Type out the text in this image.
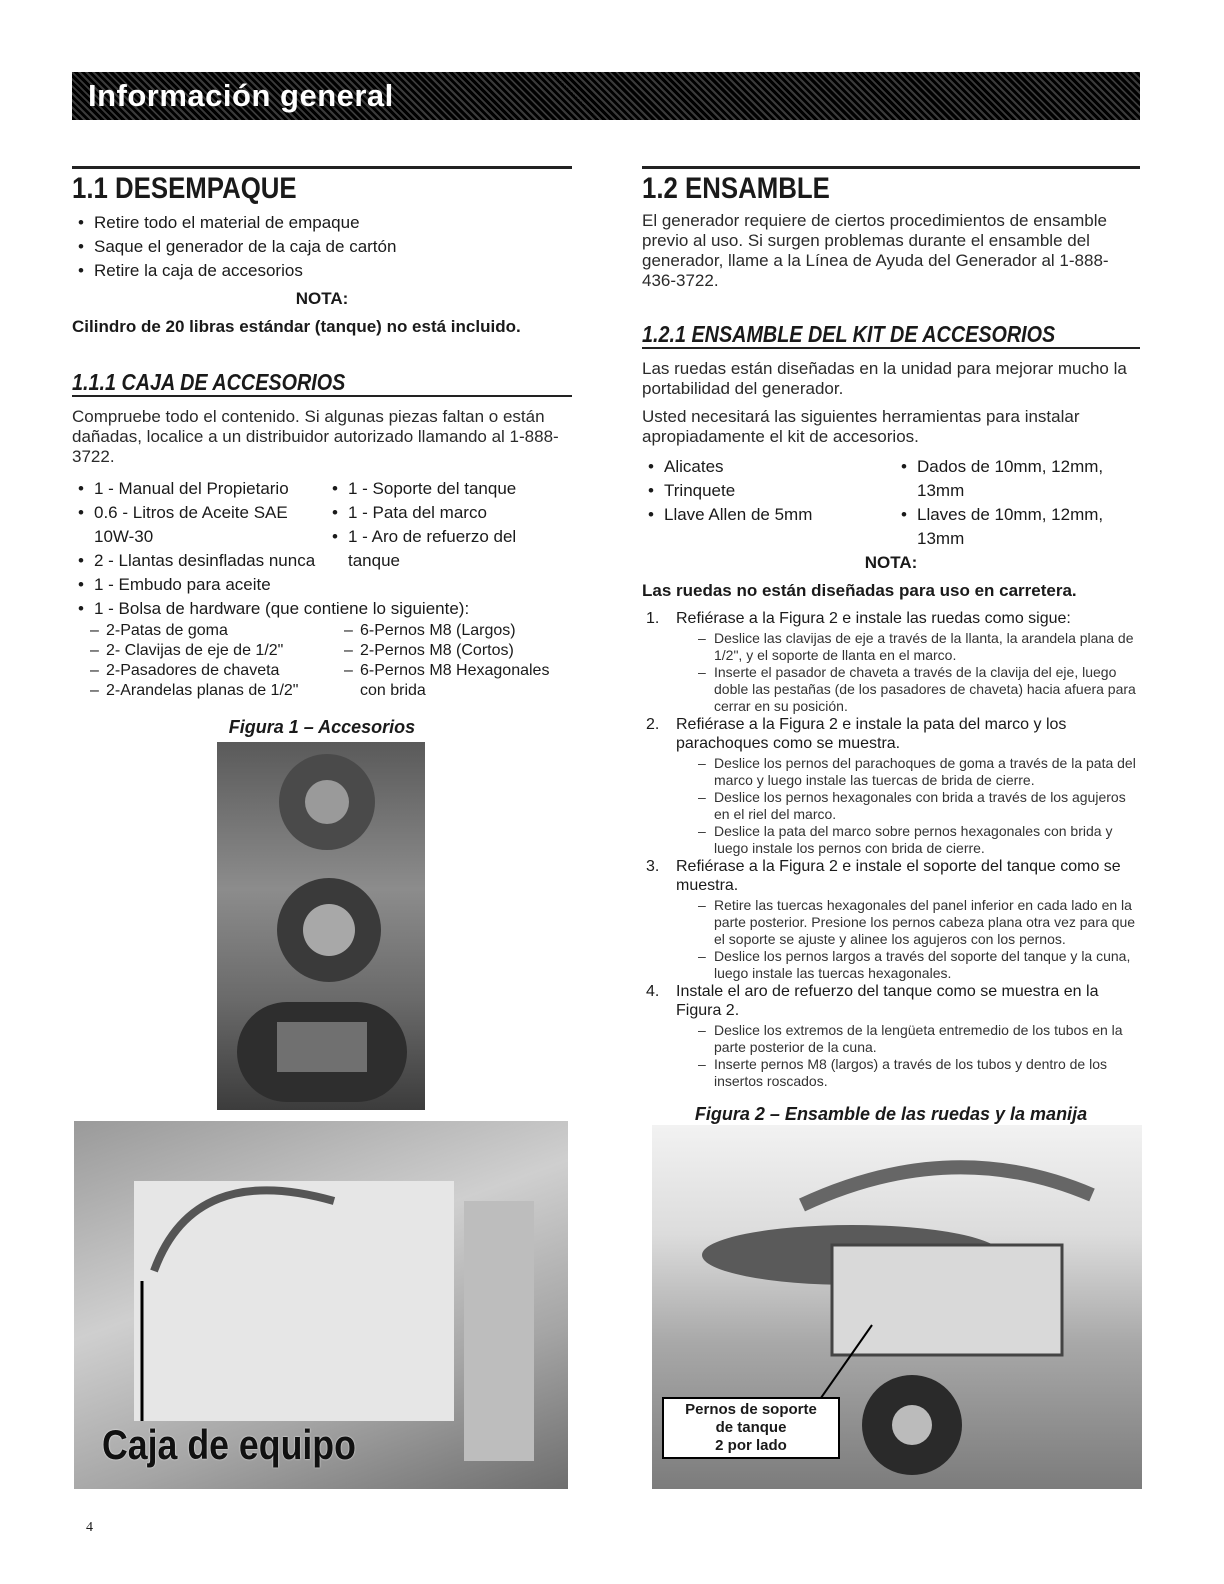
Información general
1.1 DESEMPAQUE
• Retire todo el material de empaque
• Saque el generador de la caja de cartón
• Retire la caja de accesorios

NOTA:

Cilindro de 20 libras estándar (tanque) no está incluido.

1.1.1 CAJA DE ACCESORIOS

Compruebe todo el contenido. Si algunas piezas faltan o están dañadas, localice a un distribuidor autorizado llamando al 1-888-3722.

• 1 - Manual del Propietario
• 0.6 - Litros de Aceite SAE 10W-30
• 2 - Llantas desinfladas nunca
• 1 - Embudo para aceite
• 1 - Soporte del tanque
• 1 - Pata del marco
• 1 - Aro de refuerzo del tanque
• 1 - Bolsa de hardware (que contiene lo siguiente):
– 2-Patas de goma
– 2- Clavijas de eje de 1/2"
– 2-Pasadores de chaveta
– 2-Arandelas planas de 1/2"
– 6-Pernos M8 (Largos)
– 2-Pernos M8 (Cortos)
– 6-Pernos M8 Hexagonales con brida

Figura 1 – Accesorios

Caja de equipo
1.2 ENSAMBLE

El generador requiere de ciertos procedimientos de ensamble previo al uso. Si surgen problemas durante el ensamble del generador, llame a la Línea de Ayuda del Generador al 1-888-436-3722.

1.2.1 ENSAMBLE DEL KIT DE ACCESORIOS

Las ruedas están diseñadas en la unidad para mejorar mucho la portabilidad del generador.

Usted necesitará las siguientes herramientas para instalar apropiadamente el kit de accesorios.

• Alicates
• Trinquete
• Llave Allen de 5mm
• Dados de 10mm, 12mm, 13mm
• Llaves de 10mm, 12mm, 13mm

NOTA:

Las ruedas no están diseñadas para uso en carretera.

1. Refiérase a la Figura 2 e instale las ruedas como sigue:
– Deslice las clavijas de eje a través de la llanta, la arandela plana de 1/2", y el soporte de llanta en el marco.
– Inserte el pasador de chaveta a través de la clavija del eje, luego doble las pestañas (de los pasadores de chaveta) hacia afuera para cerrar en su posición.
2. Refiérase a la Figura 2 e instale la pata del marco y los parachoques como se muestra.
– Deslice los pernos del parachoques de goma a través de la pata del marco y luego instale las tuercas de brida de cierre.
– Deslice los pernos hexagonales con brida a través de los agujeros en el riel del marco.
– Deslice la pata del marco sobre pernos hexagonales con brida y luego instale los pernos con brida de cierre.
3. Refiérase a la Figura 2 e instale el soporte del tanque como se muestra.
– Retire las tuercas hexagonales del panel inferior en cada lado en la parte posterior. Presione los pernos cabeza plana otra vez para que el soporte se ajuste y alinee los agujeros con los pernos.
– Deslice los pernos largos a través del soporte del tanque y la cuna, luego instale las tuercas hexagonales.
4. Instale el aro de refuerzo del tanque como se muestra en la Figura 2.
– Deslice los extremos de la lengüeta entremedio de los tubos en la parte posterior de la cuna.
– Inserte pernos M8 (largos) a través de los tubos y dentro de los insertos roscados.

Figura 2 – Ensamble de las ruedas y la manija

Pernos de soporte
de tanque
2 por lado
4
